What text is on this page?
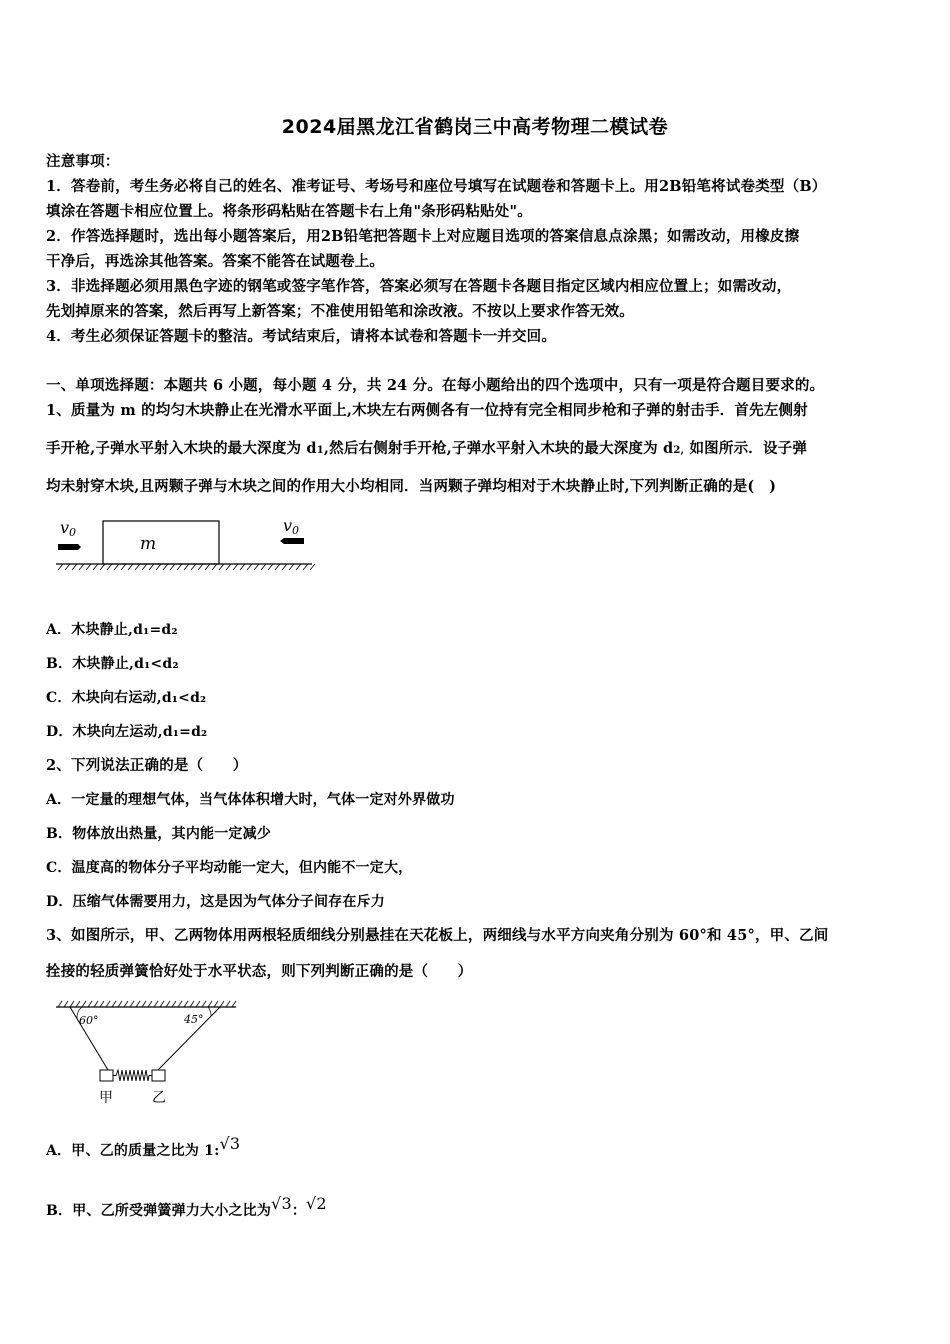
2024届黑龙江省鹤岗三中高考物理二模试卷
注意事项：
1．答卷前，考生务必将自己的姓名、准考证号、考场号和座位号填写在试题卷和答题卡上。用2B铅笔将试卷类型（B）
填涂在答题卡相应位置上。将条形码粘贴在答题卡右上角"条形码粘贴处"。
2．作答选择题时，选出每小题答案后，用2B铅笔把答题卡上对应题目选项的答案信息点涂黑；如需改动，用橡皮擦
干净后，再选涂其他答案。答案不能答在试题卷上。
3．非选择题必须用黑色字迹的钢笔或签字笔作答，答案必须写在答题卡各题目指定区域内相应位置上；如需改动，
先划掉原来的答案，然后再写上新答案；不准使用铅笔和涂改液。不按以上要求作答无效。
4．考生必须保证答题卡的整洁。考试结束后，请将本试卷和答题卡一并交回。
一、单项选择题：本题共 6 小题，每小题 4 分，共 24 分。在每小题给出的四个选项中，只有一项是符合题目要求的。
1、质量为 m 的均匀木块静止在光滑水平面上,木块左右两侧各有一位持有完全相同步枪和子弹的射击手．首先左侧射
手开枪,子弹水平射入木块的最大深度为 d1,然后右侧射手开枪,子弹水平射入木块的最大深度为 d2, 如图所示．设子弹
均未射穿木块,且两颗子弹与木块之间的作用大小均相同．当两颗子弹均相对于木块静止时,下列判断正确的是(　)
v0
m
v0
A．木块静止,d₁=d₂
B．木块静止,d₁<d₂
C．木块向右运动,d₁<d₂
D．木块向左运动,d₁=d₂
2、下列说法正确的是（　　）
A．一定量的理想气体，当气体体积增大时，气体一定对外界做功
B．物体放出热量，其内能一定减少
C．温度高的物体分子平均动能一定大，但内能不一定大，
D．压缩气体需要用力，这是因为气体分子间存在斥力
3、如图所示，甲、乙两物体用两根轻质细线分别悬挂在天花板上，两细线与水平方向夹角分别为 60°和 45°，甲、乙间
拴接的轻质弹簧恰好处于水平状态，则下列判断正确的是（　　）
60°	45°
甲	乙
A．甲、乙的质量之比为 1:√3
B．甲、乙所受弹簧弹力大小之比为√3：√2
